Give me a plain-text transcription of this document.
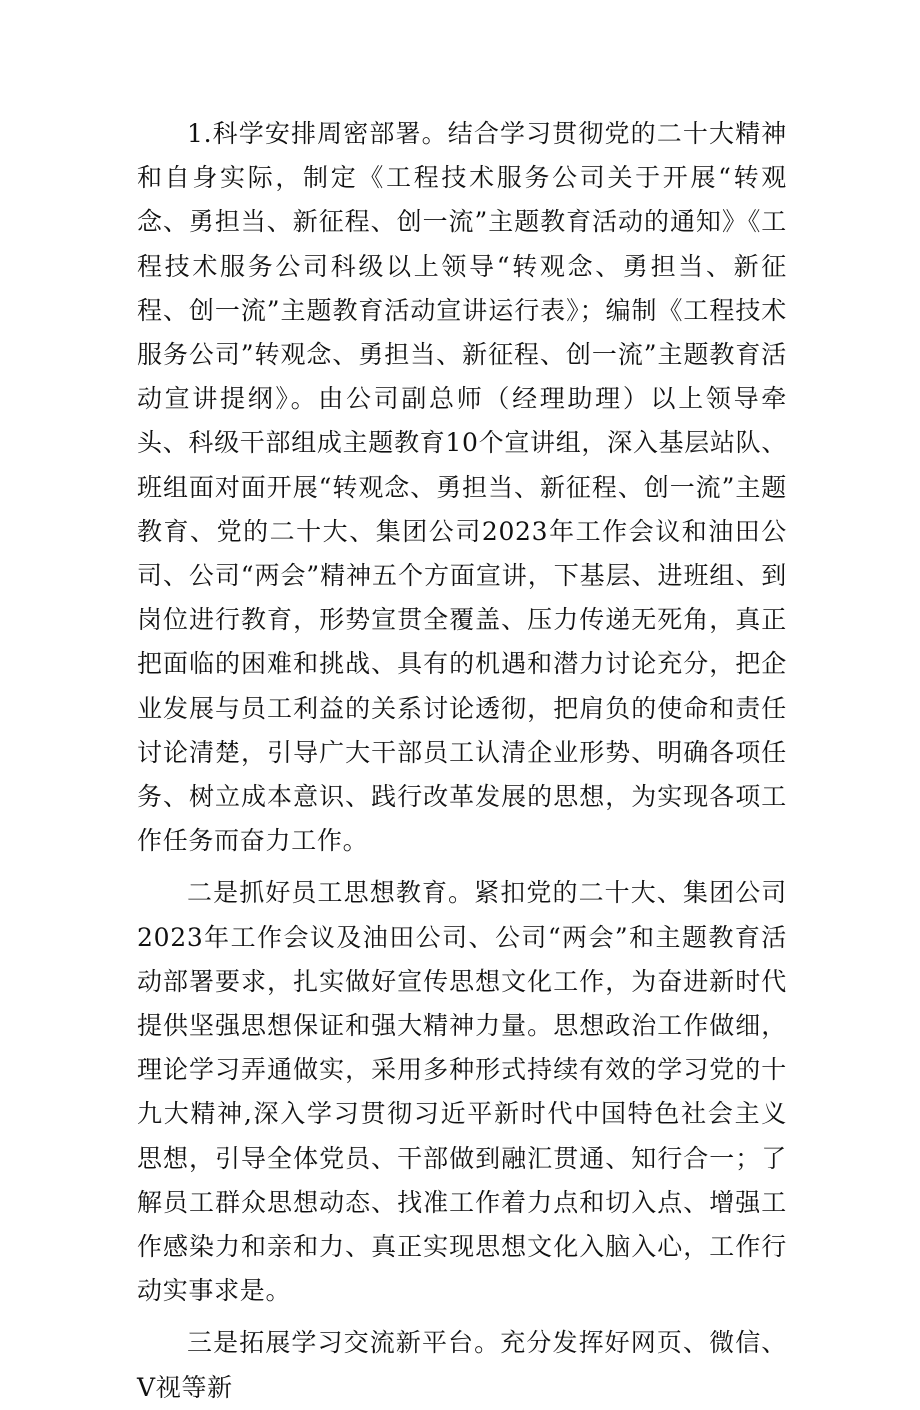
1.科学安排周密部署。结合学习贯彻党的二十大精神和自身实际，制定《工程技术服务公司关于开展“转观念、勇担当、新征程、创一流”主题教育活动的通知》《工程技术服务公司科级以上领导“转观念、勇担当、新征程、创一流”主题教育活动宣讲运行表》；编制《工程技术服务公司”转观念、勇担当、新征程、创一流”主题教育活动宣讲提纲》。由公司副总师（经理助理）以上领导牵头、科级干部组成主题教育10个宣讲组，深入基层站队、班组面对面开展“转观念、勇担当、新征程、创一流”主题教育、党的二十大、集团公司2023年工作会议和油田公司、公司“两会”精神五个方面宣讲，下基层、进班组、到岗位进行教育，形势宣贯全覆盖、压力传递无死角，真正把面临的困难和挑战、具有的机遇和潜力讨论充分，把企业发展与员工利益的关系讨论透彻，把肩负的使命和责任讨论清楚，引导广大干部员工认清企业形势、明确各项任务、树立成本意识、践行改革发展的思想，为实现各项工作任务而奋力工作。

二是抓好员工思想教育。紧扣党的二十大、集团公司2023年工作会议及油田公司、公司“两会”和主题教育活动部署要求，扎实做好宣传思想文化工作，为奋进新时代提供坚强思想保证和强大精神力量。思想政治工作做细，理论学习弄通做实，采用多种形式持续有效的学习党的十九大精神,深入学习贯彻习近平新时代中国特色社会主义思想，引导全体党员、干部做到融汇贯通、知行合一；了解员工群众思想动态、找准工作着力点和切入点、增强工作感染力和亲和力、真正实现思想文化入脑入心，工作行动实事求是。

三是拓展学习交流新平台。充分发挥好网页、微信、V视等新
